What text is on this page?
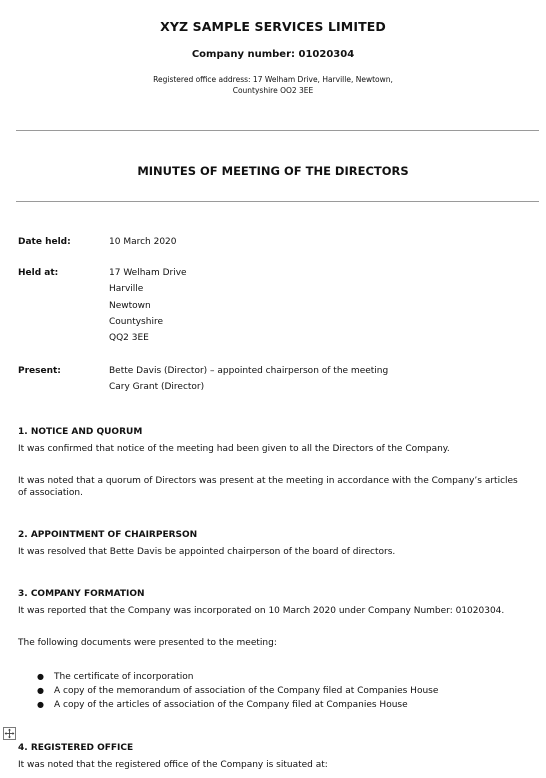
XYZ SAMPLE SERVICES LIMITED
Company number: 01020304
Registered office address: 17 Welham Drive, Harville, Newtown,
Countyshire OO2 3EE
MINUTES OF MEETING OF THE DIRECTORS
Date held:	10 March 2020
Held at:	17 Welham Drive
Harville
Newtown
Countyshire
QQ2 3EE
Present:	Bette Davis (Director) – appointed chairperson of the meeting
Cary Grant (Director)
1. NOTICE AND QUORUM
It was confirmed that notice of the meeting had been given to all the Directors of the Company.
It was noted that a quorum of Directors was present at the meeting in accordance with the Company’s articles of association.
2. APPOINTMENT OF CHAIRPERSON
It was resolved that Bette Davis be appointed chairperson of the board of directors.
3. COMPANY FORMATION
It was reported that the Company was incorporated on 10 March 2020 under Company Number: 01020304.
The following documents were presented to the meeting:
● The certificate of incorporation
● A copy of the memorandum of association of the Company filed at Companies House
● A copy of the articles of association of the Company filed at Companies House
4. REGISTERED OFFICE
It was noted that the registered office of the Company is situated at:
